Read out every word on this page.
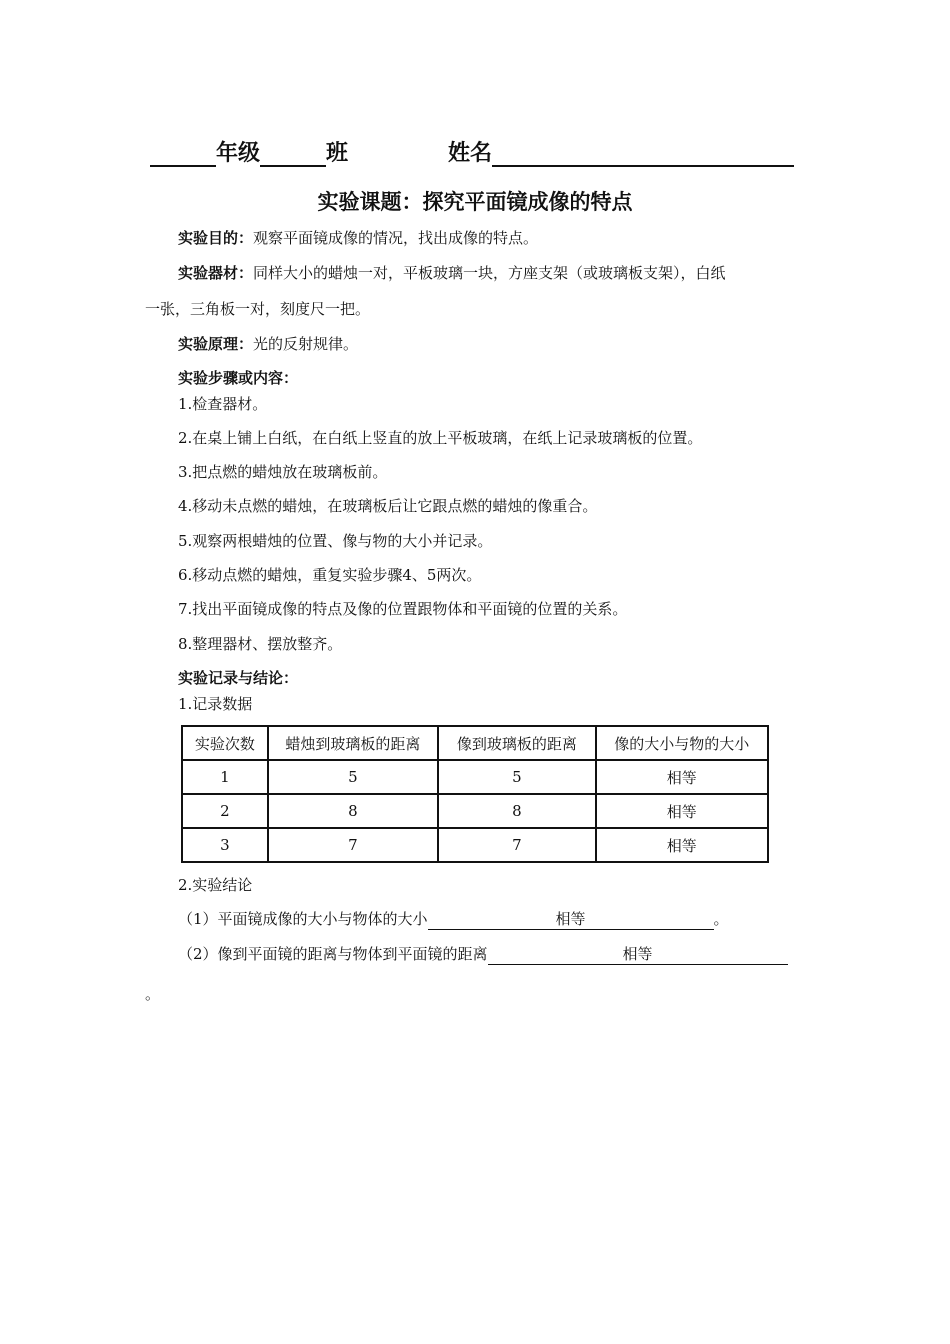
年级	班	姓名
实验课题：探究平面镜成像的特点
实验目的：观察平面镜成像的情况，找出成像的特点。
实验器材：同样大小的蜡烛一对，平板玻璃一块，方座支架（或玻璃板支架），白纸
一张，三角板一对，刻度尺一把。
实验原理：光的反射规律。
实验步骤或内容：
1.检查器材。
2.在桌上铺上白纸，在白纸上竖直的放上平板玻璃，在纸上记录玻璃板的位置。
3.把点燃的蜡烛放在玻璃板前。
4.移动未点燃的蜡烛，在玻璃板后让它跟点燃的蜡烛的像重合。
5.观察两根蜡烛的位置、像与物的大小并记录。
6.移动点燃的蜡烛，重复实验步骤4、5两次。
7.找出平面镜成像的特点及像的位置跟物体和平面镜的位置的关系。
8.整理器材、摆放整齐。
实验记录与结论：
1.记录数据
实验次数	蜡烛到玻璃板的距离	像到玻璃板的距离	像的大小与物的大小
1	5	5	相等
2	8	8	相等
3	7	7	相等
2.实验结论
（1）平面镜成像的大小与物体的大小	相等	。
（2）像到平面镜的距离与物体到平面镜的距离	相等
。
